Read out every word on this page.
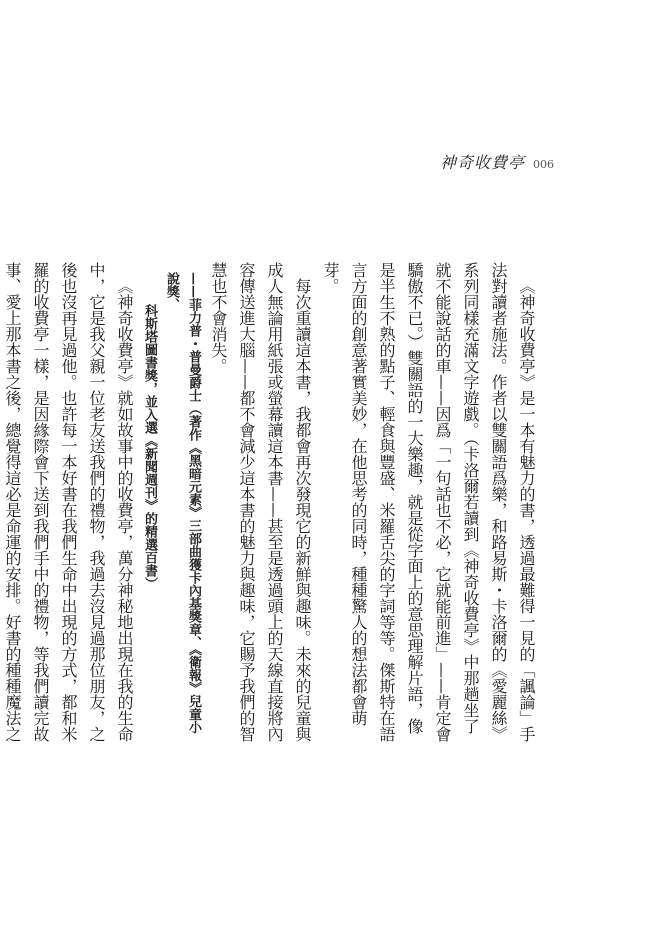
神奇收費亭 006

《神奇收費亭》是一本有魅力的書，透過最難得一見的「諷論」手法對讀者施法。作者以雙關語爲樂，和路易斯・卡洛爾的《愛麗絲》系列同樣充滿文字遊戲。（卡洛爾若讀到《神奇收費亭》中那趟坐了就不能說話的車——因爲「一句話也不必，它就能前進」——肯定會驕傲不已。）雙關語的一大樂趣，就是從字面上的意思理解片語，像是半生不熟的點子、輕食與豐盛、米羅舌尖的字詞等等。傑斯特在語言方面的創意著實美妙，在他思考的同時，種種驚人的想法都會萌芽。

每次重讀這本書，我都會再次發現它的新鮮與趣味。未來的兒童與成人無論用紙張或螢幕讀這本書——甚至是透過頭上的天線直接將內容傳送進大腦——都不會減少這本書的魅力與趣味，它賜予我們的智慧也不會消失。

——菲力普・普曼爵士（著作《黑暗元素》三部曲獲卡內基獎章、《衛報》兒童小說獎、

科斯塔圖書獎，並入選《新聞週刊》的精選百書）

《神奇收費亭》就如故事中的收費亭，萬分神秘地出現在我的生命中，它是我父親一位老友送我們的禮物，我過去沒見過那位朋友，之後也沒再見過他。也許每一本好書在我們生命中出現的方式，都和米羅的收費亭一樣，是因緣際會下送到我們手中的禮物，等我們讀完故事、愛上那本書之後，總覺得這必是命運的安排。好書的種種魔法之
